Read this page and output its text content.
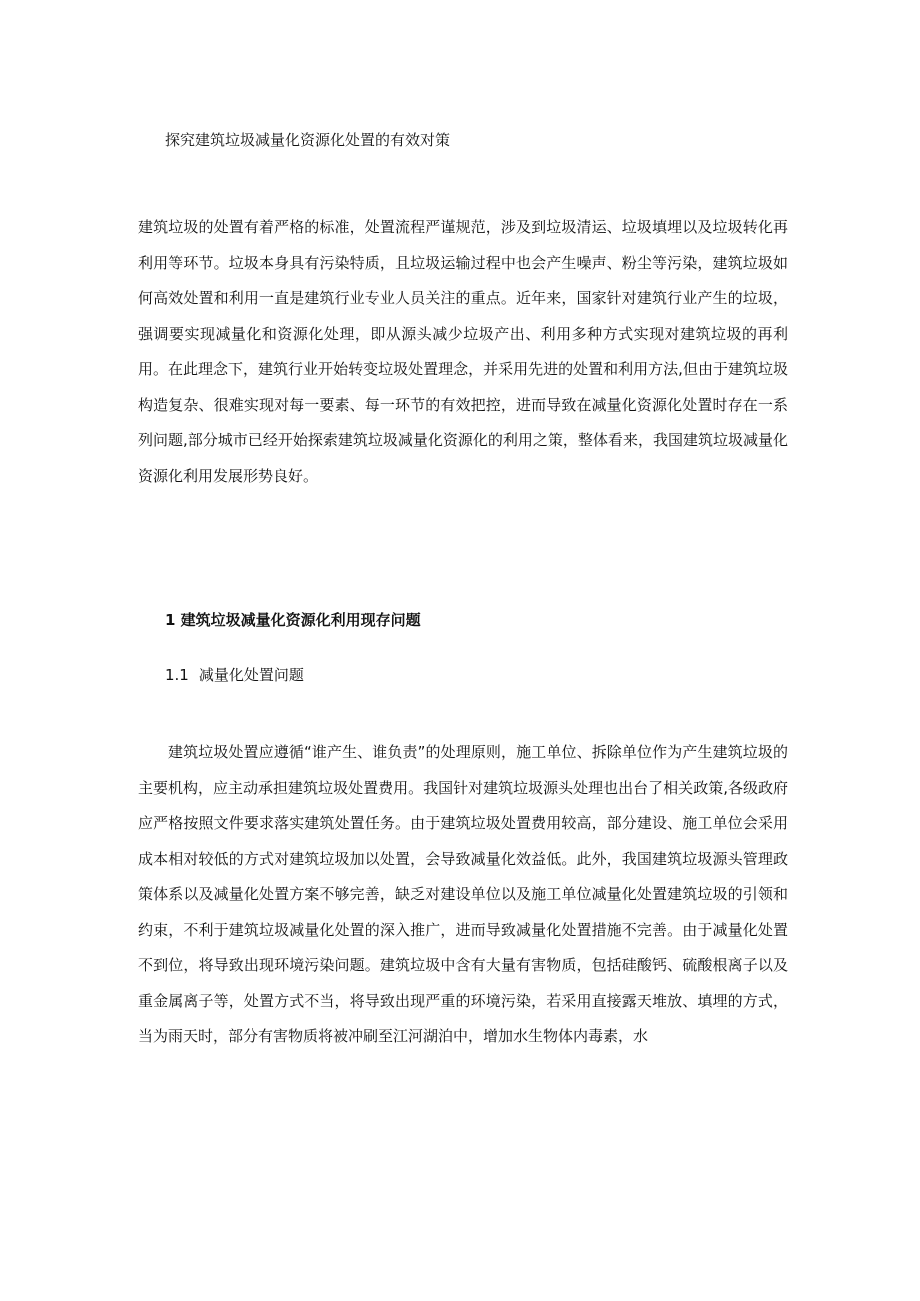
探究建筑垃圾减量化资源化处置的有效对策

建筑垃圾的处置有着严格的标准，处置流程严谨规范，涉及到垃圾清运、垃圾填埋以及垃圾转化再利用等环节。垃圾本身具有污染特质，且垃圾运输过程中也会产生噪声、粉尘等污染，建筑垃圾如何高效处置和利用一直是建筑行业专业人员关注的重点。近年来，国家针对建筑行业产生的垃圾，强调要实现减量化和资源化处理，即从源头减少垃圾产出、利用多种方式实现对建筑垃圾的再利用。在此理念下，建筑行业开始转变垃圾处置理念，并采用先进的处置和利用方法,但由于建筑垃圾构造复杂、很难实现对每一要素、每一环节的有效把控，进而导致在减量化资源化处置时存在一系列问题,部分城市已经开始探索建筑垃圾减量化资源化的利用之策，整体看来，我国建筑垃圾减量化资源化利用发展形势良好。

1 建筑垃圾减量化资源化利用现存问题
1.1 减量化处置问题

建筑垃圾处置应遵循“谁产生、谁负责”的处理原则，施工单位、拆除单位作为产生建筑垃圾的主要机构，应主动承担建筑垃圾处置费用。我国针对建筑垃圾源头处理也出台了相关政策,各级政府应严格按照文件要求落实建筑处置任务。由于建筑垃圾处置费用较高，部分建设、施工单位会采用成本相对较低的方式对建筑垃圾加以处置，会导致减量化效益低。此外，我国建筑垃圾源头管理政策体系以及减量化处置方案不够完善，缺乏对建设单位以及施工单位减量化处置建筑垃圾的引领和约束，不利于建筑垃圾减量化处置的深入推广，进而导致减量化处置措施不完善。由于减量化处置不到位，将导致出现环境污染问题。建筑垃圾中含有大量有害物质，包括硅酸钙、硫酸根离子以及重金属离子等，处置方式不当，将导致出现严重的环境污染，若采用直接露天堆放、填埋的方式，当为雨天时，部分有害物质将被冲刷至江河湖泊中，增加水生物体内毒素，水
